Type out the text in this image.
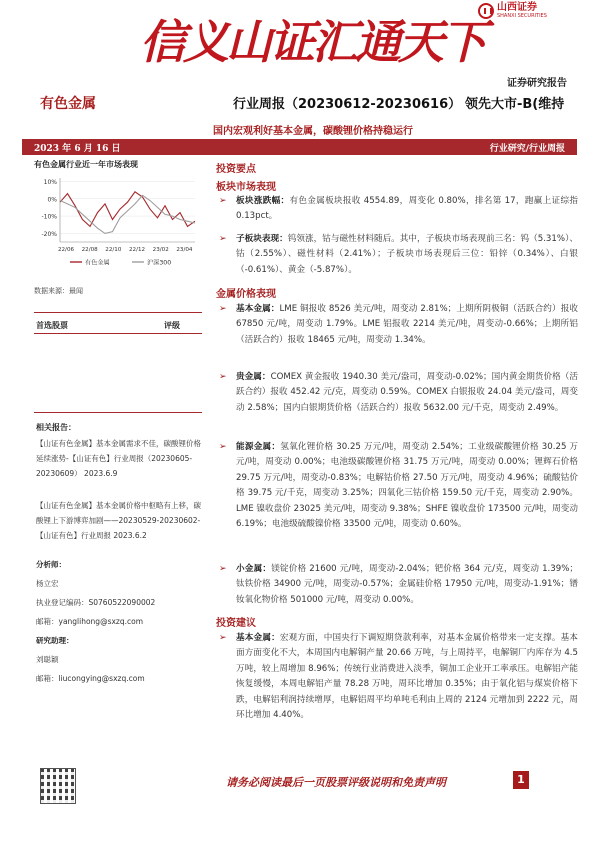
信义山证汇通天下
山西证券
SHANXI SECURITIES
证券研究报告
有色金属	行业周报（20230612-20230616） 领先大市-B(维持
国内宏观利好基本金属，碳酸锂价格持稳运行
2023 年 6 月 16 日	行业研究/行业周报
有色金属行业近一年市场表现
10%
0%
-10%
-20%
22/06 22/08 22/10 22/12 23/02 23/04
有色金属	沪深300
数据来源：最闻
首选股票	评级
相关报告：
【山证有色金属】基本金属需求不佳，碳酸锂价格延续涨势-【山证有色】行业周报（20230605-20230609） 2023.6.9
【山证有色金属】基本金属价格中枢略有上移，碳酸锂上下游博弈加剧——20230529-20230602-【山证有色】行业周报 2023.6.2
分析师：
杨立宏
执业登记编码：S0760522090002
邮箱：yanglihong@sxzq.com
研究助理：
刘聪颖
邮箱：liucongying@sxzq.com
投资要点
板块市场表现
➢ 板块涨跌幅：有色金属板块报收 4554.89，周变化 0.80%，排名第 17，跑赢上证综指 0.13pct。
➢ 子板块表现：钨领涨，钴与磁性材料随后。其中，子板块市场表现前三名：钨（5.31%）、钴（2.55%）、磁性材料（2.41%）；子板块市场表现后三位：铅锌（0.34%）、白银（-0.61%）、黄金（-5.87%）。
金属价格表现
➢ 基本金属：LME 铜报收 8526 美元/吨，周变动 2.81%；上期所阴极铜（活跃合约）报收 67850 元/吨，周变动 1.79%。LME 铝报收 2214 美元/吨，周变动-0.66%；上期所铝（活跃合约）报收 18465 元/吨，周变动 1.34%。
➢ 贵金属：COMEX 黄金报收 1940.30 美元/盎司，周变动-0.02%；国内黄金期货价格（活跃合约）报收 452.42 元/克，周变动 0.59%。COMEX 白银报收 24.04 美元/盎司，周变动 2.58%；国内白银期货价格（活跃合约）报收 5632.00 元/千克，周变动 2.49%。
➢ 能源金属：氢氧化锂价格 30.25 万元/吨，周变动 2.54%；工业级碳酸锂价格 30.25 万元/吨，周变动 0.00%；电池级碳酸锂价格 31.75 万元/吨，周变动 0.00%；锂辉石价格 29.75 万元/吨，周变动-0.83%；电解钴价格 27.50 万元/吨，周变动 4.96%；硫酸钴价格 39.75 元/千克，周变动 3.25%；四氧化三钴价格 159.50 元/千克，周变动 2.90%。LME 镍收盘价 23025 美元/吨，周变动 9.38%；SHFE 镍收盘价 173500 元/吨，周变动 6.19%；电池级硫酸镍价格 33500 元/吨，周变动 0.60%。
➢ 小金属：镁锭价格 21600 元/吨，周变动-2.04%；钯价格 364 元/克，周变动 1.39%；钛铁价格 34900 元/吨，周变动-0.57%；金属硅价格 17950 元/吨，周变动-1.91%；镨钕氧化物价格 501000 元/吨，周变动 0.00%。
投资建议
➢ 基本金属：宏观方面，中国央行下调短期贷款利率，对基本金属价格带来一定支撑。基本面方面变化不大，本周国内电解铜产量 20.66 万吨，与上周持平，电解铜厂内库存为 4.5 万吨，较上周增加 8.96%；传统行业消费进入淡季，铜加工企业开工率承压。电解铝产能恢复缓慢，本周电解铝产量 78.28 万吨，周环比增加 0.35%；由于氧化铝与煤炭价格下跌，电解铝利润持续增厚，电解铝周平均单吨毛利由上周的 2124 元增加到 2222 元，周环比增加 4.40%。
请务必阅读最后一页股票评级说明和免责声明	1
